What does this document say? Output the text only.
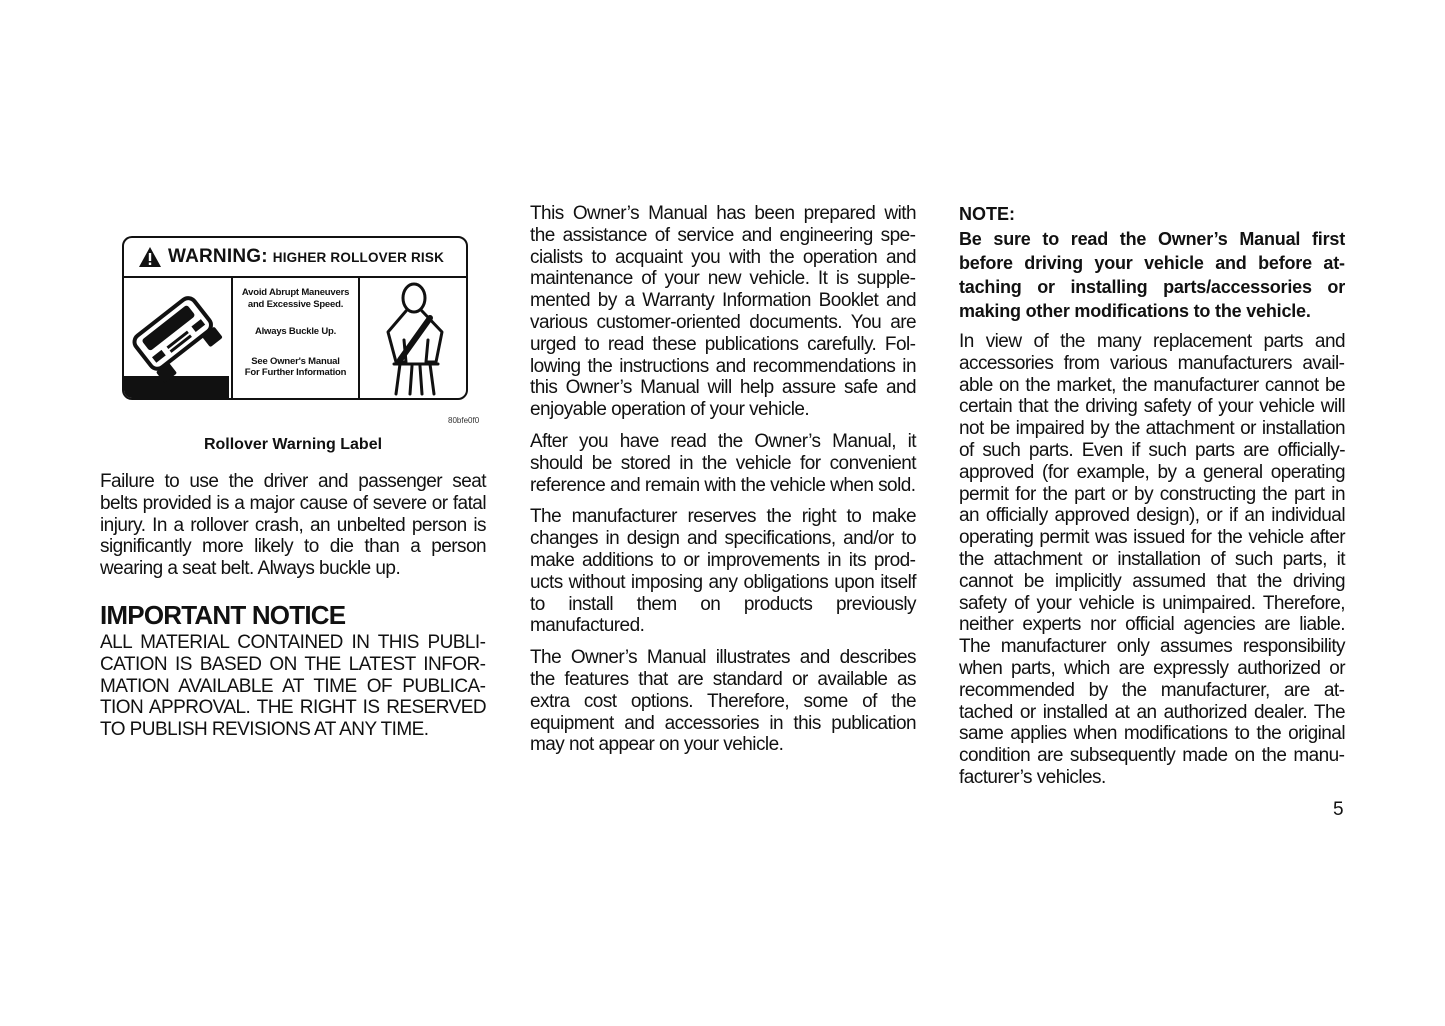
WARNING: HIGHER ROLLOVER RISK

Avoid Abrupt Maneuvers

and Excessive Speed.

Always Buckle Up.

See Owner's Manual

For Further Information

80bfe0f0
Rollover Warning Label

Failure to use the driver and passenger seat belts provided is a major cause of severe or fatal injury. In a rollover crash, an unbelted person is significantly more likely to die than a person wearing a seat belt. Always buckle up.

IMPORTANT NOTICE

ALL MATERIAL CONTAINED IN THIS PUBLICATION IS BASED ON THE LATEST INFORMATION AVAILABLE AT TIME OF PUBLICATION APPROVAL. THE RIGHT IS RESERVED TO PUBLISH REVISIONS AT ANY TIME.

This Owner’s Manual has been prepared with the assistance of service and engineering specialists to acquaint you with the operation and maintenance of your new vehicle. It is supplemented by a Warranty Information Booklet and various customer-oriented documents. You are urged to read these publications carefully. Following the instructions and recommendations in this Owner’s Manual will help assure safe and enjoyable operation of your vehicle.

After you have read the Owner’s Manual, it should be stored in the vehicle for convenient reference and remain with the vehicle when sold.

The manufacturer reserves the right to make changes in design and specifications, and/or to make additions to or improvements in its products without imposing any obligations upon itself to install them on products previously manufactured.

The Owner’s Manual illustrates and describes the features that are standard or available as extra cost options. Therefore, some of the equipment and accessories in this publication may not appear on your vehicle.

NOTE:

Be sure to read the Owner’s Manual first before driving your vehicle and before attaching or installing parts/accessories or making other modifications to the vehicle.

In view of the many replacement parts and accessories from various manufacturers available on the market, the manufacturer cannot be certain that the driving safety of your vehicle will not be impaired by the attachment or installation of such parts. Even if such parts are officially-approved (for example, by a general operating permit for the part or by constructing the part in an officially approved design), or if an individual operating permit was issued for the vehicle after the attachment or installation of such parts, it cannot be implicitly assumed that the driving safety of your vehicle is unimpaired. Therefore, neither experts nor official agencies are liable. The manufacturer only assumes responsibility when parts, which are expressly authorized or recommended by the manufacturer, are attached or installed at an authorized dealer. The same applies when modifications to the original condition are subsequently made on the manufacturer’s vehicles.

5
